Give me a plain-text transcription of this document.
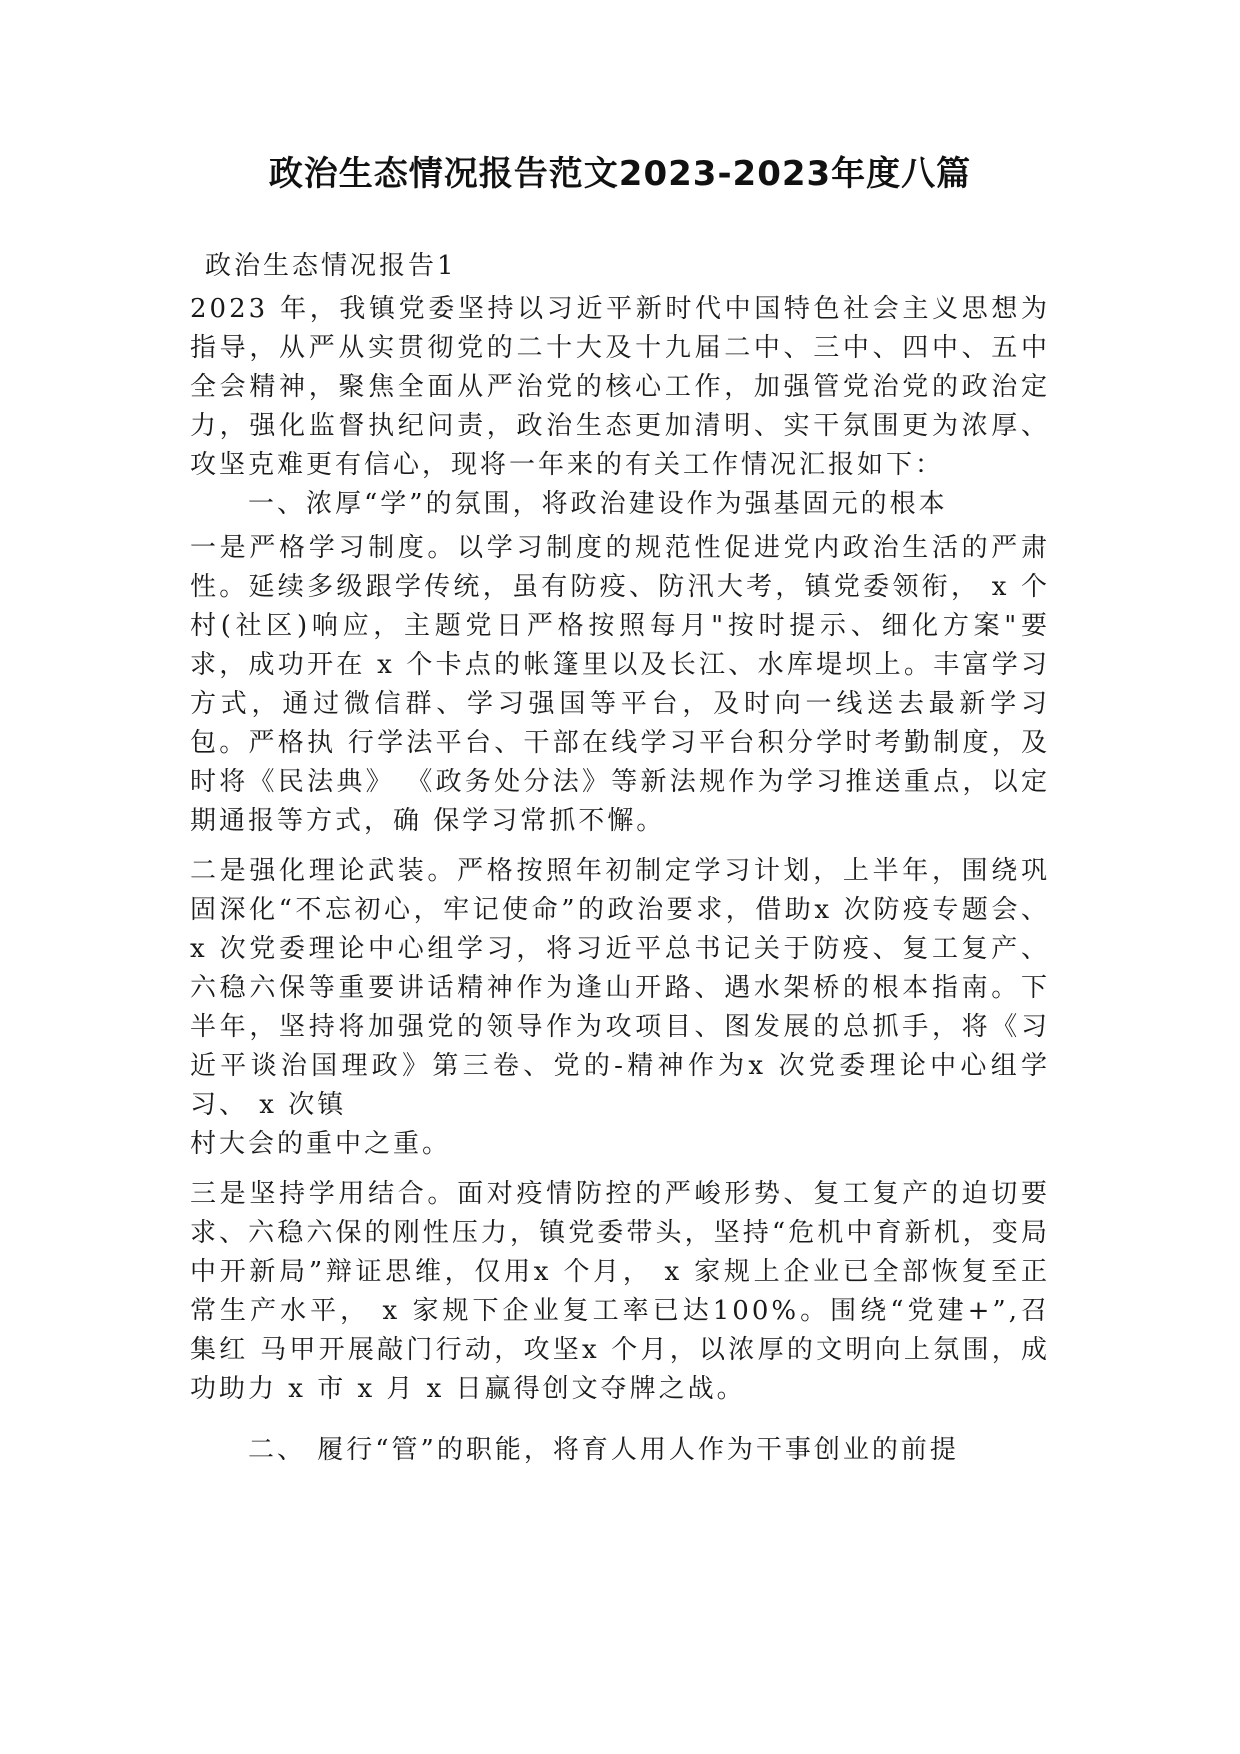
政治生态情况报告范文2023-2023年度八篇
政治生态情况报告1
2023 年，我镇党委坚持以习近平新时代中国特色社会主义思想为指导，从严从实贯彻党的二十大及十九届二中、三中、四中、五中全会精神，聚焦全面从严治党的核心工作，加强管党治党的政治定力，强化监督执纪问责，政治生态更加清明、实干氛围更为浓厚、攻坚克难更有信心，现将一年来的有关工作情况汇报如下：
一、浓厚“学”的氛围，将政治建设作为强基固元的根本
一是严格学习制度。以学习制度的规范性促进党内政治生活的严肃性。延续多级跟学传统，虽有防疫、防汛大考，镇党委领衔， x 个村(社区)响应，主题党日严格按照每月"按时提示、细化方案"要求，成功开在 x 个卡点的帐篷里以及长江、水库堤坝上。丰富学习方式，通过微信群、学习强国等平台，及时向一线送去最新学习包。严格执 行学法平台、干部在线学习平台积分学时考勤制度，及时将《民法典》 《政务处分法》等新法规作为学习推送重点，以定期通报等方式，确 保学习常抓不懈。
二是强化理论武装。严格按照年初制定学习计划，上半年，围绕巩固深化“不忘初心，牢记使命”的政治要求，借助x 次防疫专题会、x 次党委理论中心组学习，将习近平总书记关于防疫、复工复产、六稳六保等重要讲话精神作为逢山开路、遇水架桥的根本指南。下半年，坚持将加强党的领导作为攻项目、图发展的总抓手，将《习近平谈治国理政》第三卷、党的-精神作为x 次党委理论中心组学习、 x 次镇
村大会的重中之重。
三是坚持学用结合。面对疫情防控的严峻形势、复工复产的迫切要求、六稳六保的刚性压力，镇党委带头，坚持“危机中育新机，变局中开新局”辩证思维，仅用x 个月， x 家规上企业已全部恢复至正 常生产水平， x 家规下企业复工率已达100%。围绕“党建+”,召集红 马甲开展敲门行动，攻坚x 个月，以浓厚的文明向上氛围，成功助力 x 市 x 月 x 日赢得创文夺牌之战。
二、 履行“管”的职能，将育人用人作为干事创业的前提
